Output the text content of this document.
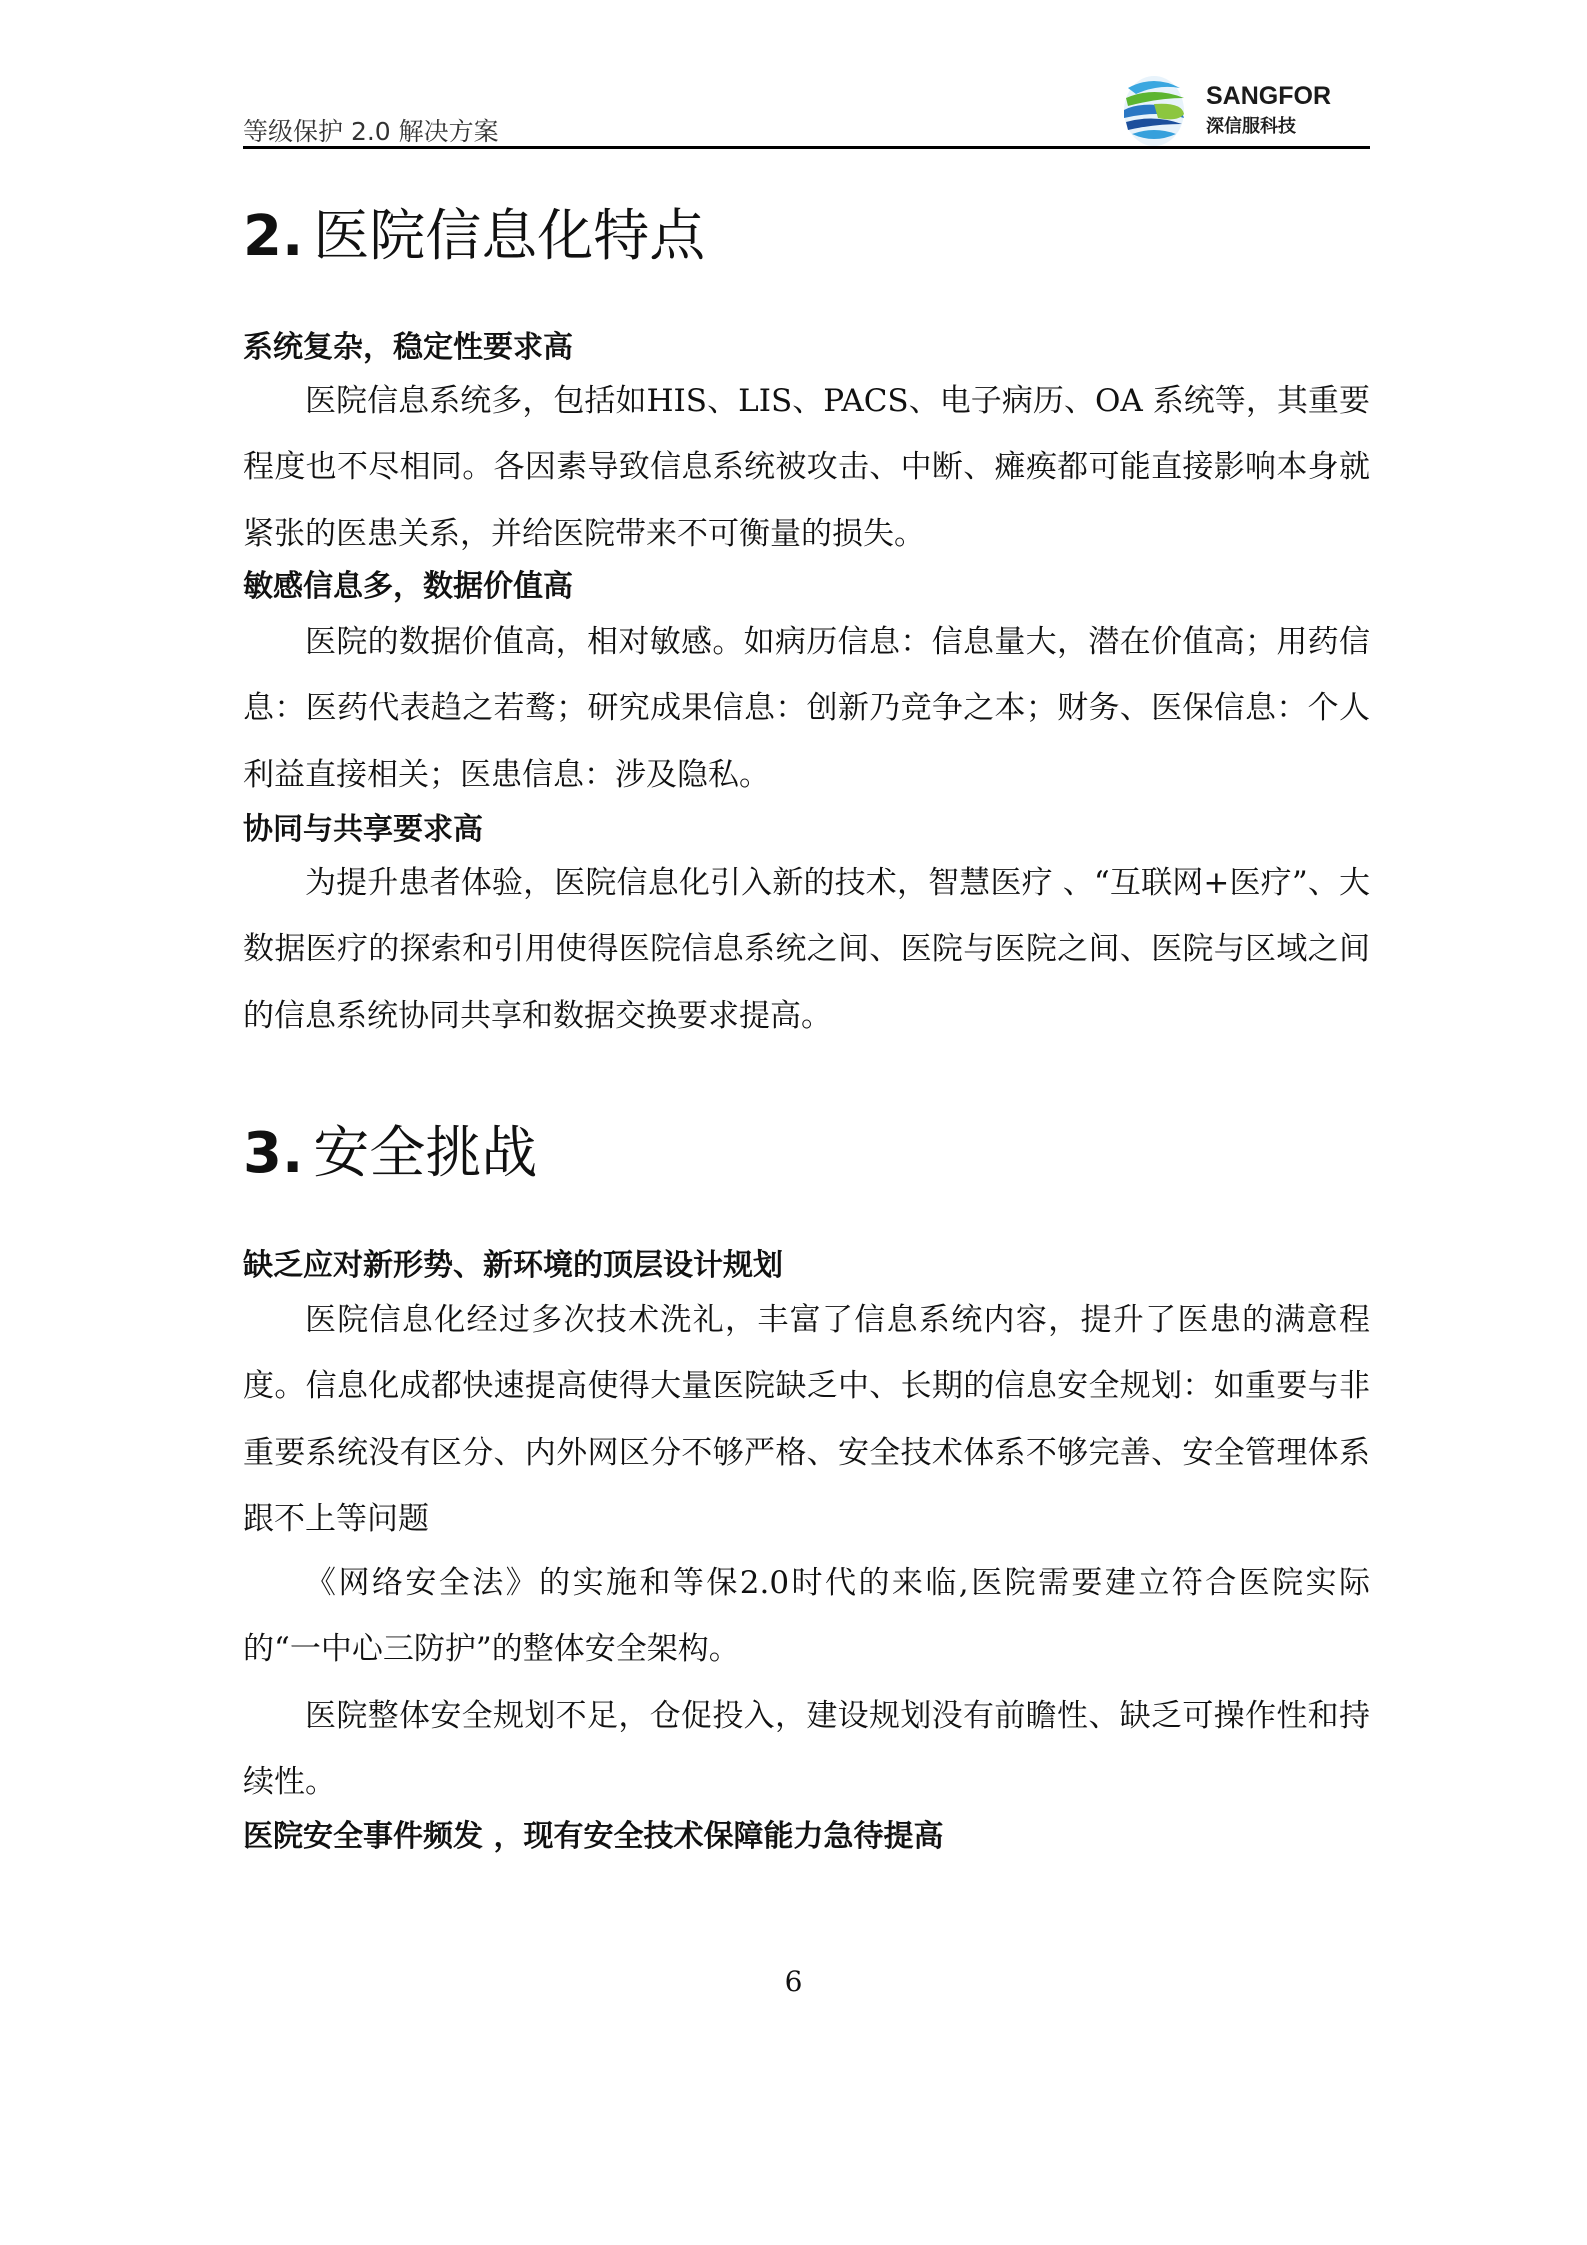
等级保护 2.0 解决方案
SANGFOR
深信服科技
2. 医院信息化特点
系统复杂，稳定性要求高
医院信息系统多，包括如HIS、LIS、PACS、电子病历、OA 系统等，其重要程度也不尽相同。各因素导致信息系统被攻击、中断、瘫痪都可能直接影响本身就紧张的医患关系，并给医院带来不可衡量的损失。
敏感信息多，数据价值高
医院的数据价值高，相对敏感。如病历信息：信息量大，潜在价值高；用药信息：医药代表趋之若鹜；研究成果信息：创新乃竞争之本；财务、医保信息：个人利益直接相关；医患信息：涉及隐私。
协同与共享要求高
为提升患者体验，医院信息化引入新的技术，智慧医疗 、“互联网+医疗”、大数据医疗的探索和引用使得医院信息系统之间、医院与医院之间、医院与区域之间的信息系统协同共享和数据交换要求提高。
3. 安全挑战
缺乏应对新形势、新环境的顶层设计规划
医院信息化经过多次技术洗礼，丰富了信息系统内容，提升了医患的满意程度。信息化成都快速提高使得大量医院缺乏中、长期的信息安全规划：如重要与非重要系统没有区分、内外网区分不够严格、安全技术体系不够完善、安全管理体系跟不上等问题
《网络安全法》的实施和等保2.0时代的来临,医院需要建立符合医院实际 的“一中心三防护”的整体安全架构。
医院整体安全规划不足，仓促投入，建设规划没有前瞻性、缺乏可操作性和持续性。
医院安全事件频发 ，现有安全技术保障能力急待提高
6
